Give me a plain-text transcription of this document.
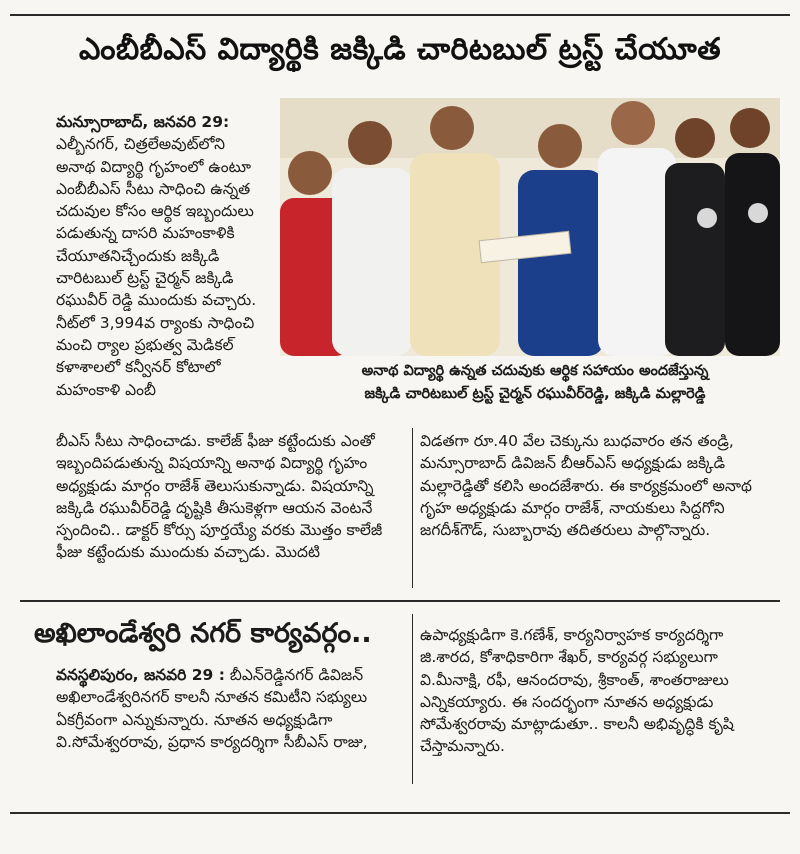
ఎంబీబీఎస్ విద్యార్థికి జక్కిడి చారిటబుల్ ట్రస్ట్ చేయూత

మన్సూరాబాద్, జనవరి 29: ఎల్బీనగర్, చిత్రలేఅవుట్‌లోని అనాథ విద్యార్థి గృహంలో ఉంటూ ఎంబీబీఎస్ సీటు సాధించి ఉన్నత చదువుల కోసం ఆర్థిక ఇబ్బందులు పడుతున్న దాసరి మహంకాళికి చేయూతనిచ్చేందుకు జక్కిడి చారిటబుల్ ట్రస్ట్ చైర్మన్ జక్కిడి రఘువీర్ రెడ్డి ముందుకు వచ్చారు. నీట్‌లో 3,994వ ర్యాంకు సాధించి మంచి ర్యాల ప్రభుత్వ మెడికల్ కళాశాలలో కన్వీనర్ కోటాలో మహంకాళి ఎంబీ

అనాథ విద్యార్థి ఉన్నత చదువుకు ఆర్థిక సహాయం అందజేస్తున్న
జక్కిడి చారిటబుల్ ట్రస్ట్ చైర్మన్ రఘువీర్‌రెడ్డి, జక్కిడి మల్లారెడ్డి
బీఎస్ సీటు సాధించాడు. కాలేజ్ ఫీజు కట్టేందుకు ఎంతో ఇబ్బందిపడుతున్న విషయాన్ని అనాథ విద్యార్థి గృహం అధ్యక్షుడు మార్గం రాజేశ్ తెలుసుకున్నాడు. విషయాన్ని జక్కిడి రఘువీర్‌రెడ్డి దృష్టికి తీసుకెళ్లగా ఆయన వెంటనే స్పందించి.. డాక్టర్ కోర్సు పూర్తయ్యే వరకు మొత్తం కాలేజీ ఫీజు కట్టేందుకు ముందుకు వచ్చాడు. మొదటి
విడతగా రూ.40 వేల చెక్కును బుధవారం తన తండ్రి, మన్సూరాబాద్ డివిజన్ బీఆర్ఎస్ అధ్యక్షుడు జక్కిడి మల్లారెడ్డితో కలిసి అందజేశారు. ఈ కార్యక్రమంలో అనాథ గృహ అధ్యక్షుడు మార్గం రాజేశ్, నాయకులు సిద్దగోని జగదీశ్‌గౌడ్, సుబ్బారావు తదితరులు పాల్గొన్నారు.
అఖిలాండేశ్వరి నగర్ కార్యవర్గం..

వనస్థలిపురం, జనవరి 29 : బీఎన్‌రెడ్డినగర్ డివిజన్ అఖిలాండేశ్వరినగర్ కాలనీ నూతన కమిటీని సభ్యులు ఏకగ్రీవంగా ఎన్నుకున్నారు. నూతన అధ్యక్షుడిగా వి.సోమేశ్వరరావు, ప్రధాన కార్యదర్శిగా సీబీఎస్ రాజు,

ఉపాధ్యక్షుడిగా కె.గణేశ్, కార్యనిర్వాహక కార్యదర్శిగా జి.శారద, కోశాధికారిగా శేఖర్, కార్యవర్గ సభ్యులుగా వి.మీనాక్షి, రఫీ, ఆనందరావు, శ్రీకాంత్, శాంతరాజులు ఎన్నికయ్యారు. ఈ సందర్భంగా నూతన అధ్యక్షుడు సోమేశ్వరరావు మాట్లాడుతూ.. కాలనీ అభివృద్ధికి కృషి చేస్తామన్నారు.
